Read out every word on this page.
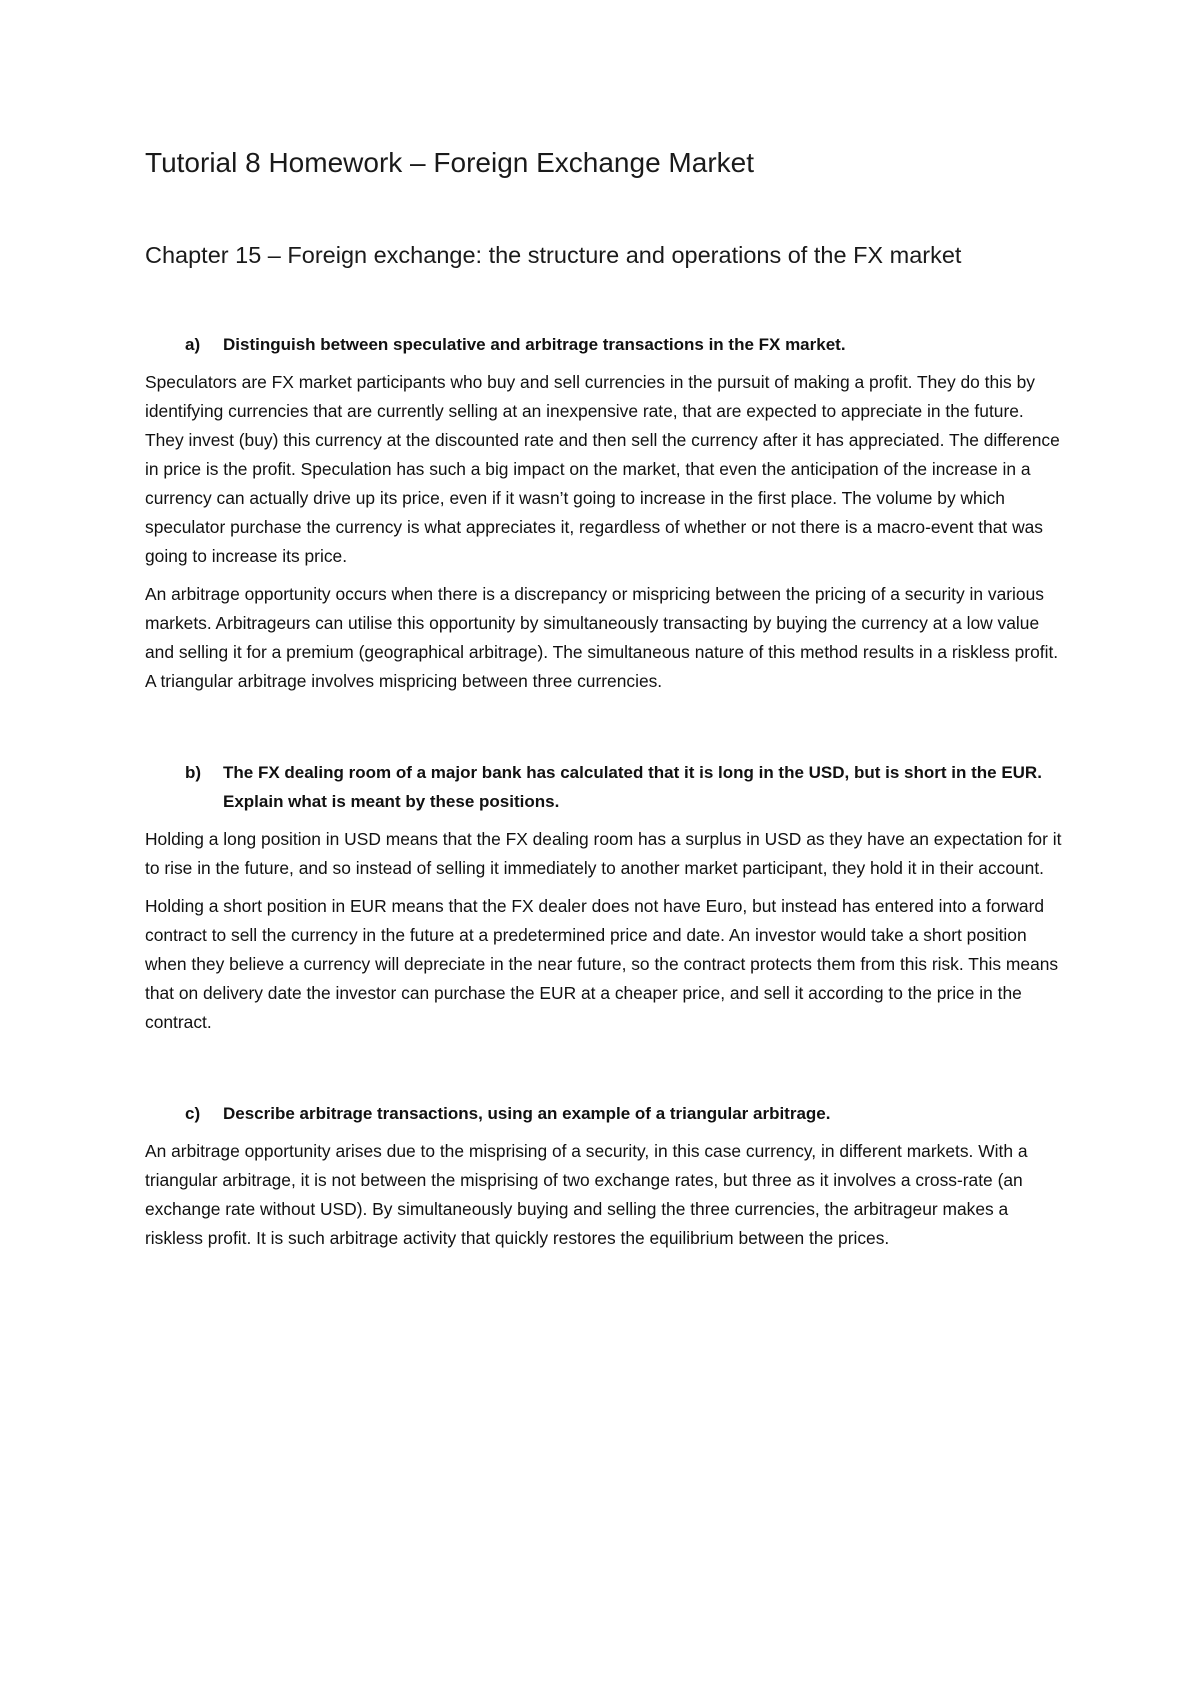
Tutorial 8 Homework – Foreign Exchange Market
Chapter 15 – Foreign exchange: the structure and operations of the FX market
a)	Distinguish between speculative and arbitrage transactions in the FX market.

Speculators are FX market participants who buy and sell currencies in the pursuit of making a profit. They do this by identifying currencies that are currently selling at an inexpensive rate, that are expected to appreciate in the future. They invest (buy) this currency at the discounted rate and then sell the currency after it has appreciated. The difference in price is the profit. Speculation has such a big impact on the market, that even the anticipation of the increase in a currency can actually drive up its price, even if it wasn’t going to increase in the first place. The volume by which speculator purchase the currency is what appreciates it, regardless of whether or not there is a macro-event that was going to increase its price.

An arbitrage opportunity occurs when there is a discrepancy or mispricing between the pricing of a security in various markets. Arbitrageurs can utilise this opportunity by simultaneously transacting by buying the currency at a low value and selling it for a premium (geographical arbitrage). The simultaneous nature of this method results in a riskless profit. A triangular arbitrage involves mispricing between three currencies.

b)	The FX dealing room of a major bank has calculated that it is long in the USD, but is short in the EUR. Explain what is meant by these positions.

Holding a long position in USD means that the FX dealing room has a surplus in USD as they have an expectation for it to rise in the future, and so instead of selling it immediately to another market participant, they hold it in their account.

Holding a short position in EUR means that the FX dealer does not have Euro, but instead has entered into a forward contract to sell the currency in the future at a predetermined price and date. An investor would take a short position when they believe a currency will depreciate in the near future, so the contract protects them from this risk. This means that on delivery date the investor can purchase the EUR at a cheaper price, and sell it according to the price in the contract.

c)	Describe arbitrage transactions, using an example of a triangular arbitrage.

An arbitrage opportunity arises due to the misprising of a security, in this case currency, in different markets. With a triangular arbitrage, it is not between the misprising of two exchange rates, but three as it involves a cross-rate (an exchange rate without USD). By simultaneously buying and selling the three currencies, the arbitrageur makes a riskless profit. It is such arbitrage activity that quickly restores the equilibrium between the prices.
